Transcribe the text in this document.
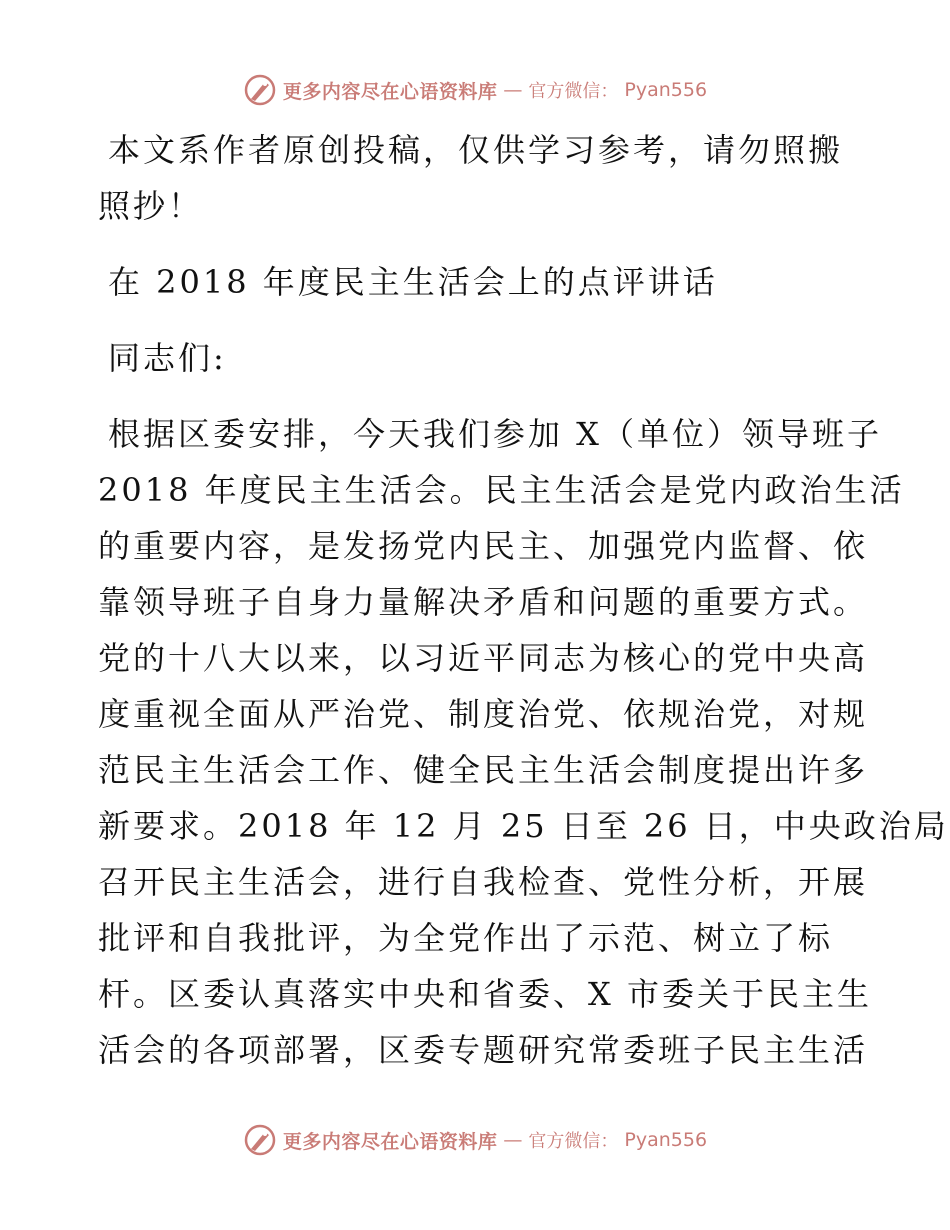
更多内容尽在心语资料库 — 官方微信： Pyan556
本文系作者原创投稿，仅供学习参考，请勿照搬
照抄！
在 2018 年度民主生活会上的点评讲话
同志们:
根据区委安排，今天我们参加 X（单位）领导班子
2018 年度民主生活会。民主生活会是党内政治生活
的重要内容，是发扬党内民主、加强党内监督、依
靠领导班子自身力量解决矛盾和问题的重要方式。
党的十八大以来，以习近平同志为核心的党中央高
度重视全面从严治党、制度治党、依规治党，对规
范民主生活会工作、健全民主生活会制度提出许多
新要求。2018 年 12 月 25 日至 26 日，中央政治局
召开民主生活会，进行自我检查、党性分析，开展
批评和自我批评，为全党作出了示范、树立了标
杆。区委认真落实中央和省委、X 市委关于民主生
活会的各项部署，区委专题研究常委班子民主生活
更多内容尽在心语资料库 — 官方微信： Pyan556
